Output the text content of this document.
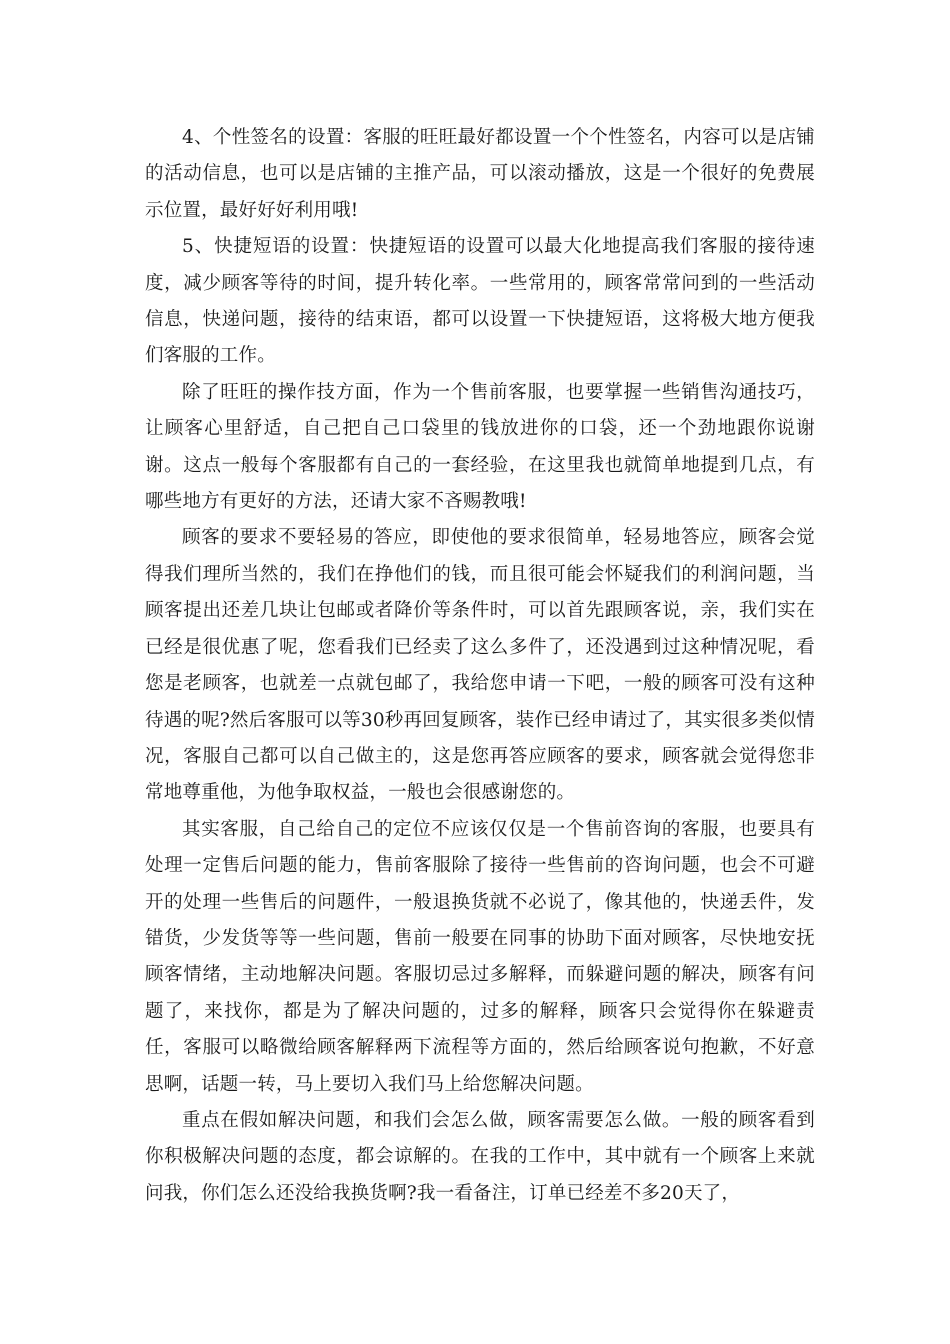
4、个性签名的设置：客服的旺旺最好都设置一个个性签名，内容可以是店铺的活动信息，也可以是店铺的主推产品，可以滚动播放，这是一个很好的免费展示位置，最好好好利用哦!

5、快捷短语的设置：快捷短语的设置可以最大化地提高我们客服的接待速度，减少顾客等待的时间，提升转化率。一些常用的，顾客常常问到的一些活动信息，快递问题，接待的结束语，都可以设置一下快捷短语，这将极大地方便我们客服的工作。

除了旺旺的操作技方面，作为一个售前客服，也要掌握一些销售沟通技巧，让顾客心里舒适，自己把自己口袋里的钱放进你的口袋，还一个劲地跟你说谢谢。这点一般每个客服都有自己的一套经验，在这里我也就简单地提到几点，有哪些地方有更好的方法，还请大家不吝赐教哦!

顾客的要求不要轻易的答应，即使他的要求很简单，轻易地答应，顾客会觉得我们理所当然的，我们在挣他们的钱，而且很可能会怀疑我们的利润问题，当顾客提出还差几块让包邮或者降价等条件时，可以首先跟顾客说，亲，我们实在已经是很优惠了呢，您看我们已经卖了这么多件了，还没遇到过这种情况呢，看您是老顾客，也就差一点就包邮了，我给您申请一下吧，一般的顾客可没有这种待遇的呢?然后客服可以等30秒再回复顾客，装作已经申请过了，其实很多类似情况，客服自己都可以自己做主的，这是您再答应顾客的要求，顾客就会觉得您非常地尊重他，为他争取权益，一般也会很感谢您的。

其实客服，自己给自己的定位不应该仅仅是一个售前咨询的客服，也要具有处理一定售后问题的能力，售前客服除了接待一些售前的咨询问题，也会不可避开的处理一些售后的问题件，一般退换货就不必说了，像其他的，快递丢件，发错货，少发货等等一些问题，售前一般要在同事的协助下面对顾客，尽快地安抚顾客情绪，主动地解决问题。客服切忌过多解释，而躲避问题的解决，顾客有问题了，来找你，都是为了解决问题的，过多的解释，顾客只会觉得你在躲避责任，客服可以略微给顾客解释两下流程等方面的，然后给顾客说句抱歉，不好意思啊，话题一转，马上要切入我们马上给您解决问题。

重点在假如解决问题，和我们会怎么做，顾客需要怎么做。一般的顾客看到你积极解决问题的态度，都会谅解的。在我的工作中，其中就有一个顾客上来就问我，你们怎么还没给我换货啊?我一看备注，订单已经差不多20天了，
